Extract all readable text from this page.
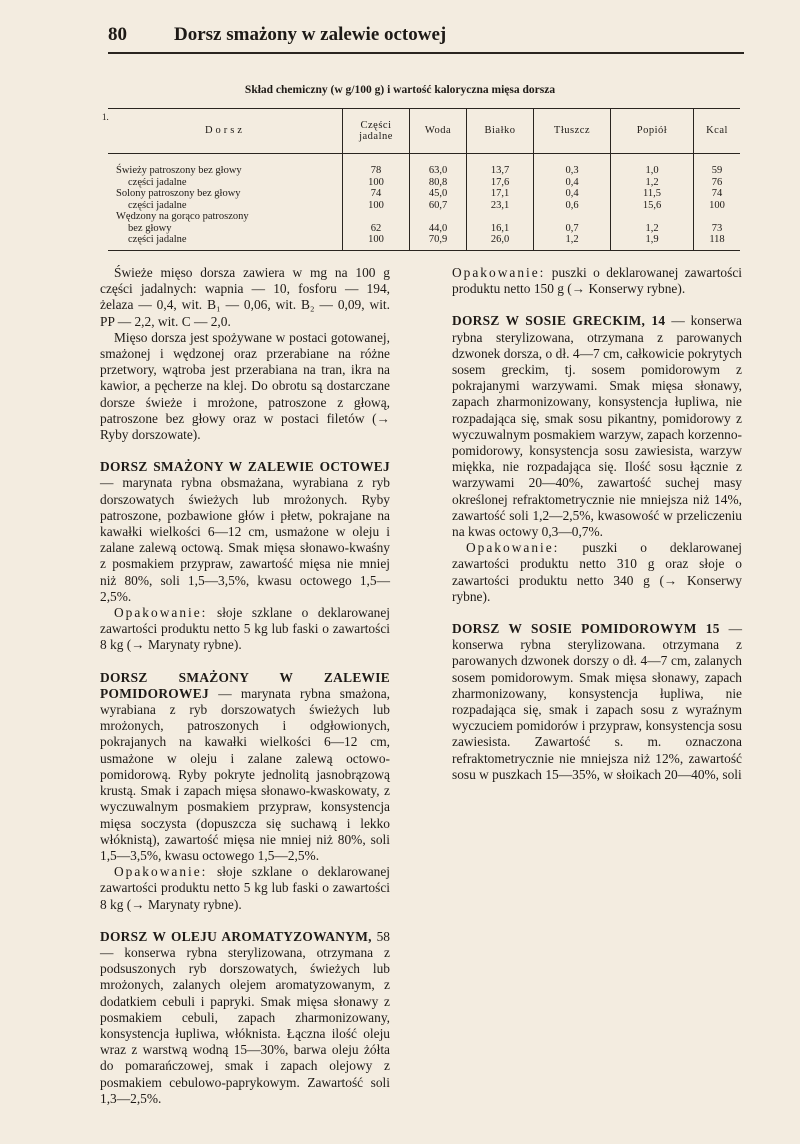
80 Dorsz smażony w zalewie octowej
Skład chemiczny (w g/100 g) i wartość kaloryczna mięsa dorsza
1.
Dorsz	Części jadalne	Woda	Białko	Tłuszcz	Popiół	Kcal
Świeży patroszony bez głowy	78	63,0	13,7	0,3	1,0	59
części jadalne	100	80,8	17,6	0,4	1,2	76
Solony patroszony bez głowy	74	45,0	17,1	0,4	11,5	74
części jadalne	100	60,7	23,1	0,6	15,6	100
Wędzony na gorąco patroszony						
bez głowy	62	44,0	16,1	0,7	1,2	73
części jadalne	100	70,9	26,0	1,2	1,9	118

Świeże mięso dorsza zawiera w mg na 100 g części jadalnych: wapnia — 10, fosforu — 194, żelaza — 0,4, wit. B₁ — 0,06, wit. B₂ — 0,09, wit. PP — 2,2, wit. C — 2,0.

Mięso dorsza jest spożywane w postaci gotowanej, smażonej i wędzonej oraz przerabiane na różne przetwory, wątroba jest przerabiana na tran, ikra na kawior, a pęcherze na klej. Do obrotu są dostarczane dorsze świeże i mrożone, patroszone z głową, patroszone bez głowy oraz w postaci filetów (→ Ryby dorszowate).

DORSZ SMAŻONY W ZALEWIE OCTOWEJ — marynata rybna obsmażana, wyrabiana z ryb dorszowatych świeżych lub mrożonych. Ryby patroszone, pozbawione głów i płetw, pokrajane na kawałki wielkości 6—12 cm, usmażone w oleju i zalane zalewą octową. Smak mięsa słonawo-kwaśny z posmakiem przypraw, zawartość mięsa nie mniej niż 80%, soli 1,5—3,5%, kwasu octowego 1,5—2,5%.

Opakowanie: słoje szklane o deklarowanej zawartości produktu netto 5 kg lub faski o zawartości 8 kg (→ Marynaty rybne).

DORSZ SMAŻONY W ZALEWIE POMIDOROWEJ — marynata rybna smażona, wyrabiana z ryb dorszowatych świeżych lub mrożonych, patroszonych i odgłowionych, pokrajanych na kawałki wielkości 6—12 cm, usmażone w oleju i zalane zalewą octowo-pomidorową. Ryby pokryte jednolitą jasnobrązową krustą. Smak i zapach mięsa słonawo-kwaskowaty, z wyczuwalnym posmakiem przypraw, konsystencja mięsa soczysta (dopuszcza się suchawą i lekko włóknistą), zawartość mięsa nie mniej niż 80%, soli 1,5—3,5%, kwasu octowego 1,5—2,5%.

Opakowanie: słoje szklane o deklarowanej zawartości produktu netto 5 kg lub faski o zawartości 8 kg (→ Marynaty rybne).

DORSZ W OLEJU AROMATYZOWANYM, 58 — konserwa rybna sterylizowana, otrzymana z podsuszonych ryb dorszowatych, świeżych lub mrożonych, zalanych olejem aromatyzowanym, z dodatkiem cebuli i papryki. Smak mięsa słonawy z posmakiem cebuli, zapach zharmonizowany, konsystencja łupliwa, włóknista. Łączna ilość oleju wraz z warstwą wodną 15—30%, barwa oleju żółta do pomarańczowej, smak i zapach olejowy z posmakiem cebulowo-paprykowym. Zawartość soli 1,3—2,5%.

Opakowanie: puszki o deklarowanej zawartości produktu netto 150 g (→ Konserwy rybne).

DORSZ W SOSIE GRECKIM, 14 — konserwa rybna sterylizowana, otrzymana z parowanych dzwonek dorsza, o dł. 4—7 cm, całkowicie pokrytych sosem greckim, tj. sosem pomidorowym z pokrajanymi warzywami. Smak mięsa słonawy, zapach zharmonizowany, konsystencja łupliwa, nie rozpadająca się, smak sosu pikantny, pomidorowy z wyczuwalnym posmakiem warzyw, zapach korzenno-pomidorowy, konsystencja sosu zawiesista, warzyw miękka, nie rozpadająca się. Ilość sosu łącznie z warzywami 20—40%, zawartość suchej masy określonej refraktometrycznie nie mniejsza niż 14%, zawartość soli 1,2—2,5%, kwasowość w przeliczeniu na kwas octowy 0,3—0,7%.

Opakowanie: puszki o deklarowanej zawartości produktu netto 310 g oraz słoje o zawartości produktu netto 340 g (→ Konserwy rybne).

DORSZ W SOSIE POMIDOROWYM 15 — konserwa rybna sterylizowana. otrzymana z parowanych dzwonek dorszy o dł. 4—7 cm, zalanych sosem pomidorowym. Smak mięsa słonawy, zapach zharmonizowany, konsystencja łupliwa, nie rozpadająca się, smak i zapach sosu z wyraźnym wyczuciem pomidorów i przypraw, konsystencja sosu zawiesista. Zawartość s. m. oznaczona refraktometrycznie nie mniejsza niż 12%, zawartość sosu w puszkach 15—35%, w słoikach 20—40%, soli
